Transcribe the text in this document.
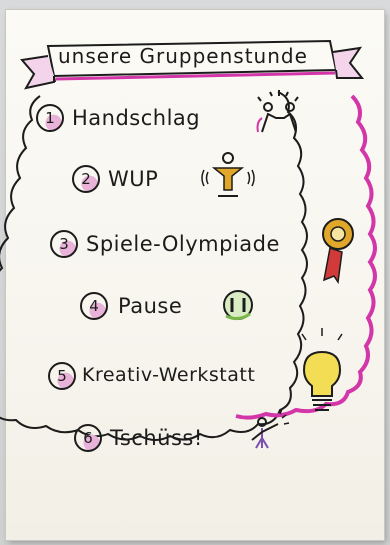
unsere Gruppenstunde
1 Handschlag
2 WUP
3 Spiele-Olympiade
4 Pause
5 Kreativ-Werkstatt
6 Tschüss!
